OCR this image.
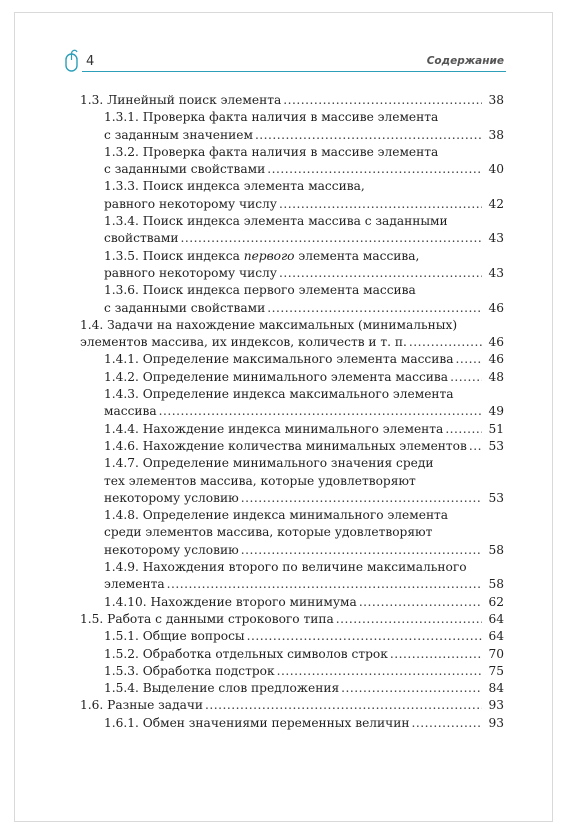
4	Содержание
1.3. Линейный поиск элемента .....	38
1.3.1. Проверка факта наличия в массиве элемента
с заданным значением .....	38
1.3.2. Проверка факта наличия в массиве элемента
с заданными свойствами .....	40
1.3.3. Поиск индекса элемента массива,
равного некоторому числу .....	42
1.3.4. Поиск индекса элемента массива с заданными
свойствами .....	43
1.3.5. Поиск индекса первого элемента массива,
равного некоторому числу .....	43
1.3.6. Поиск индекса первого элемента массива
с заданными свойствами .....	46
1.4. Задачи на нахождение максимальных (минимальных)
элементов массива, их индексов, количеств и т. п. .....	46
1.4.1. Определение максимального элемента массива .....	46
1.4.2. Определение минимального элемента массива .....	48
1.4.3. Определение индекса максимального элемента
массива .....	49
1.4.4. Нахождение индекса минимального элемента .....	51
1.4.6. Нахождение количества минимальных элементов .....	53
1.4.7. Определение минимального значения среди
тех элементов массива, которые удовлетворяют
некоторому условию .....	53
1.4.8. Определение индекса минимального элемента
среди элементов массива, которые удовлетворяют
некоторому условию .....	58
1.4.9. Нахождения второго по величине максимального
элемента .....	58
1.4.10. Нахождение второго минимума .....	62
1.5. Работа с данными строкового типа .....	64
1.5.1. Общие вопросы .....	64
1.5.2. Обработка отдельных символов строк .....	70
1.5.3. Обработка подстрок .....	75
1.5.4. Выделение слов предложения .....	84
1.6. Разные задачи .....	93
1.6.1. Обмен значениями переменных величин .....	93
